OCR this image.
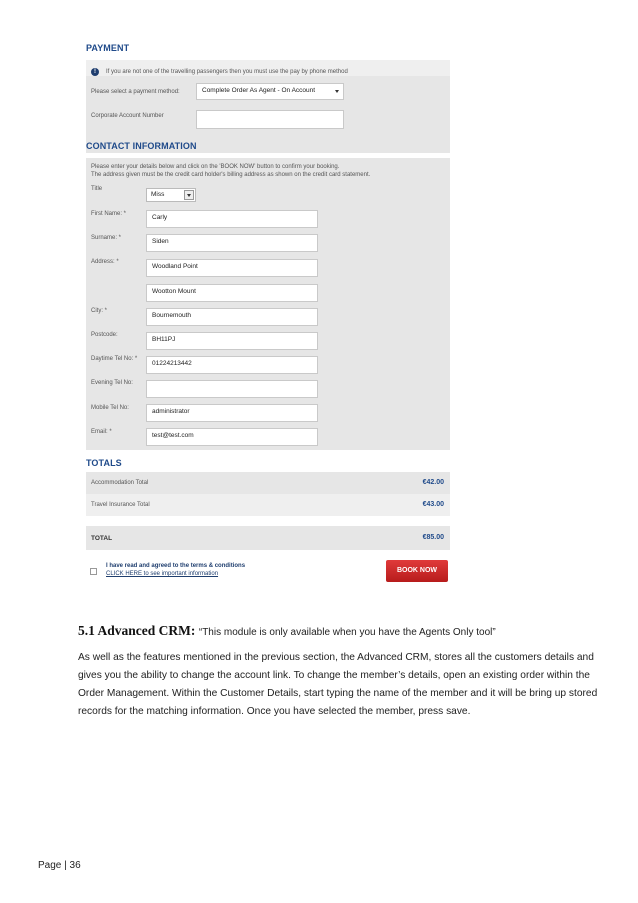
PAYMENT
!	If you are not one of the travelling passengers then you must use the pay by phone method
Please select a payment method:	Complete Order As Agent - On Account
Corporate Account Number
CONTACT INFORMATION
Please enter your details below and click on the 'BOOK NOW' button to confirm your booking.
The address given must be the credit card holder's billing address as shown on the credit card statement.
Title
Miss
First Name: *	Carly
Surname: *	Siden
Address: *
Woodland Point
Wootton Mount
City: *
Bournemouth
Postcode:
BH11PJ
Daytime Tel No: *
01224213442
Evening Tel No:
Mobile Tel No:	administrator
Email: *	test@test.com
TOTALS
Accommodation Total	€42.00
Travel Insurance Total	€43.00
TOTAL	€85.00
I have read and agreed to the terms & conditions
CLICK HERE to see important information	BOOK NOW
5.1 Advanced CRM: “This module is only available when you have the Agents Only tool”
As well as the features mentioned in the previous section, the Advanced CRM, stores all the customers details and gives you the ability to change the account link. To change the member’s details, open an existing order within the Order Management. Within the Customer Details, start typing the name of the member and it will be bring up stored records for the matching information. Once you have selected the member, press save.
Page | 36
